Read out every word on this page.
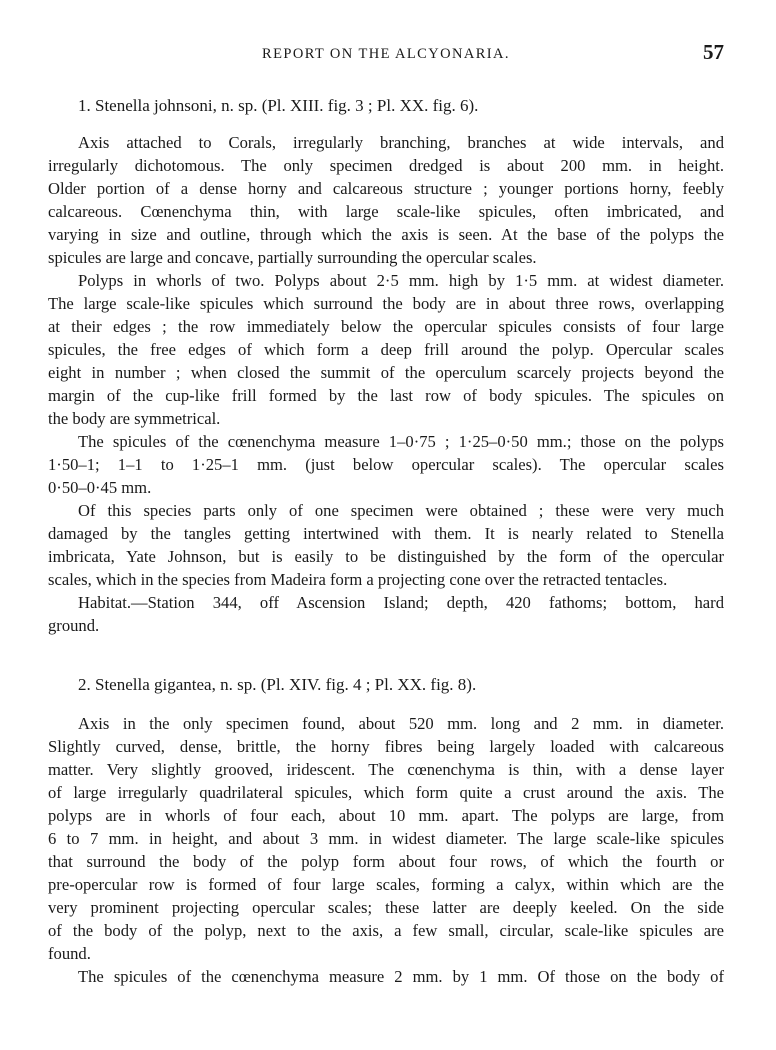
REPORT ON THE ALCYONARIA.	57
1. Stenella johnsoni, n. sp. (Pl. XIII. fig. 3 ; Pl. XX. fig. 6).
Axis attached to Corals, irregularly branching, branches at wide intervals, and
irregularly dichotomous. The only specimen dredged is about 200 mm. in height.
Older portion of a dense horny and calcareous structure ; younger portions horny, feebly
calcareous. Cœnenchyma thin, with large scale-like spicules, often imbricated, and
varying in size and outline, through which the axis is seen. At the base of the polyps the
spicules are large and concave, partially surrounding the opercular scales.
Polyps in whorls of two. Polyps about 2·5 mm. high by 1·5 mm. at widest diameter.
The large scale-like spicules which surround the body are in about three rows, overlapping
at their edges ; the row immediately below the opercular spicules consists of four large
spicules, the free edges of which form a deep frill around the polyp. Opercular scales
eight in number ; when closed the summit of the operculum scarcely projects beyond the
margin of the cup-like frill formed by the last row of body spicules. The spicules on
the body are symmetrical.
The spicules of the cœnenchyma measure 1–0·75 ; 1·25–0·50 mm.; those on the polyps
1·50–1; 1–1 to 1·25–1 mm. (just below opercular scales). The opercular scales
0·50–0·45 mm.
Of this species parts only of one specimen were obtained ; these were very much
damaged by the tangles getting intertwined with them. It is nearly related to Stenella
imbricata, Yate Johnson, but is easily to be distinguished by the form of the opercular
scales, which in the species from Madeira form a projecting cone over the retracted tentacles.
Habitat.—Station 344, off Ascension Island; depth, 420 fathoms; bottom, hard
ground.
2. Stenella gigantea, n. sp. (Pl. XIV. fig. 4 ; Pl. XX. fig. 8).
Axis in the only specimen found, about 520 mm. long and 2 mm. in diameter.
Slightly curved, dense, brittle, the horny fibres being largely loaded with calcareous
matter. Very slightly grooved, iridescent. The cœnenchyma is thin, with a dense layer
of large irregularly quadrilateral spicules, which form quite a crust around the axis. The
polyps are in whorls of four each, about 10 mm. apart. The polyps are large, from
6 to 7 mm. in height, and about 3 mm. in widest diameter. The large scale-like spicules
that surround the body of the polyp form about four rows, of which the fourth or
pre-opercular row is formed of four large scales, forming a calyx, within which are the
very prominent projecting opercular scales; these latter are deeply keeled. On the side
of the body of the polyp, next to the axis, a few small, circular, scale-like spicules are
found.
The spicules of the cœnenchyma measure 2 mm. by 1 mm. Of those on the body of
